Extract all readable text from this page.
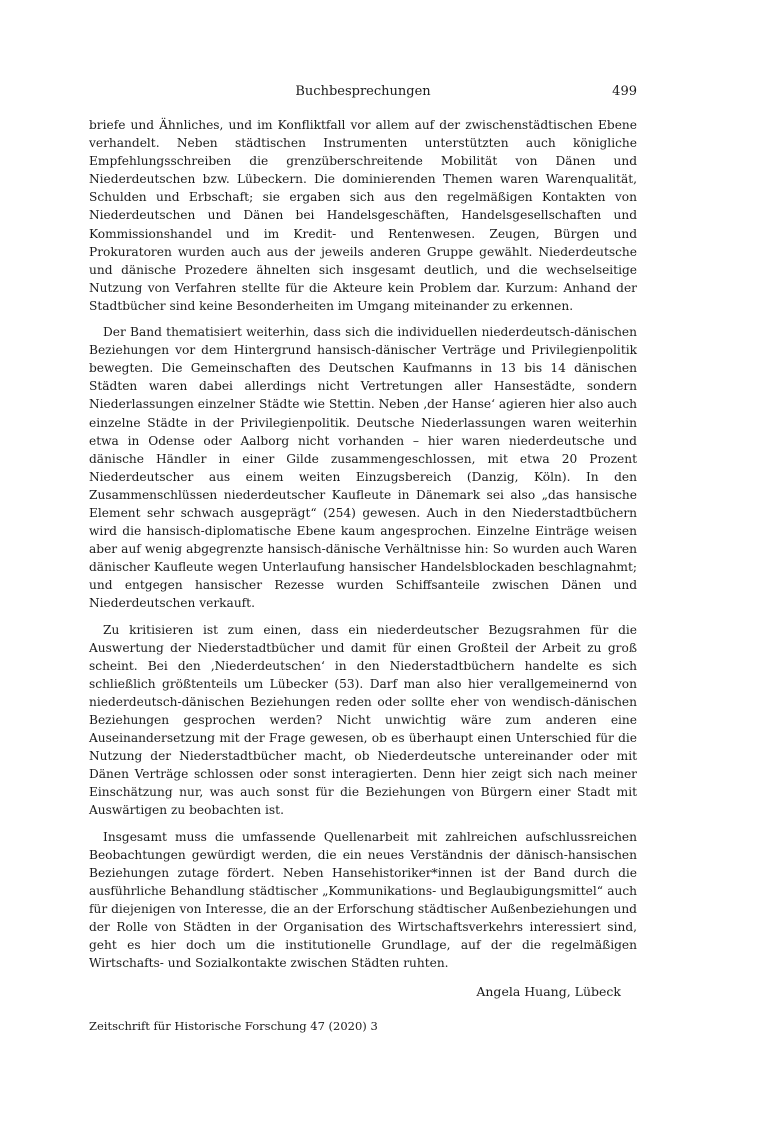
Buchbesprechungen	499

briefe und Ähnliches, und im Konfliktfall vor allem auf der zwischenstädtischen Ebene verhandelt. Neben städtischen Instrumenten unterstützten auch königliche Empfehlungsschreiben die grenzüberschreitende Mobilität von Dänen und Niederdeutschen bzw. Lübeckern. Die dominierenden Themen waren Warenqualität, Schulden und Erbschaft; sie ergaben sich aus den regelmäßigen Kontakten von Niederdeutschen und Dänen bei Handelsgeschäften, Handelsgesellschaften und Kommissionshandel und im Kredit- und Rentenwesen. Zeugen, Bürgen und Prokuratoren wurden auch aus der jeweils anderen Gruppe gewählt. Niederdeutsche und dänische Prozedere ähnelten sich insgesamt deutlich, und die wechselseitige Nutzung von Verfahren stellte für die Akteure kein Problem dar. Kurzum: Anhand der Stadtbücher sind keine Besonderheiten im Umgang miteinander zu erkennen.

Der Band thematisiert weiterhin, dass sich die individuellen niederdeutsch-dänischen Beziehungen vor dem Hintergrund hansisch-dänischer Verträge und Privilegienpolitik bewegten. Die Gemeinschaften des Deutschen Kaufmanns in 13 bis 14 dänischen Städten waren dabei allerdings nicht Vertretungen aller Hansestädte, sondern Niederlassungen einzelner Städte wie Stettin. Neben ‚der Hanse‘ agieren hier also auch einzelne Städte in der Privilegienpolitik. Deutsche Niederlassungen waren weiterhin etwa in Odense oder Aalborg nicht vorhanden – hier waren niederdeutsche und dänische Händler in einer Gilde zusammengeschlossen, mit etwa 20 Prozent Niederdeutscher aus einem weiten Einzugsbereich (Danzig, Köln). In den Zusammenschlüssen niederdeutscher Kaufleute in Dänemark sei also „das hansische Element sehr schwach ausgeprägt“ (254) gewesen. Auch in den Niederstadtbüchern wird die hansisch-diplomatische Ebene kaum angesprochen. Einzelne Einträge weisen aber auf wenig abgegrenzte hansisch-dänische Verhältnisse hin: So wurden auch Waren dänischer Kaufleute wegen Unterlaufung hansischer Handelsblockaden beschlagnahmt; und entgegen hansischer Rezesse wurden Schiffsanteile zwischen Dänen und Niederdeutschen verkauft.

Zu kritisieren ist zum einen, dass ein niederdeutscher Bezugsrahmen für die Auswertung der Niederstadtbücher und damit für einen Großteil der Arbeit zu groß scheint. Bei den ‚Niederdeutschen‘ in den Niederstadtbüchern handelte es sich schließlich größtenteils um Lübecker (53). Darf man also hier verallgemeinernd von niederdeutsch-dänischen Beziehungen reden oder sollte eher von wendisch-dänischen Beziehungen gesprochen werden? Nicht unwichtig wäre zum anderen eine Auseinandersetzung mit der Frage gewesen, ob es überhaupt einen Unterschied für die Nutzung der Niederstadtbücher macht, ob Niederdeutsche untereinander oder mit Dänen Verträge schlossen oder sonst interagierten. Denn hier zeigt sich nach meiner Einschätzung nur, was auch sonst für die Beziehungen von Bürgern einer Stadt mit Auswärtigen zu beobachten ist.

Insgesamt muss die umfassende Quellenarbeit mit zahlreichen aufschlussreichen Beobachtungen gewürdigt werden, die ein neues Verständnis der dänisch-hansischen Beziehungen zutage fördert. Neben Hansehistoriker*innen ist der Band durch die ausführliche Behandlung städtischer „Kommunikations- und Beglaubigungsmittel“ auch für diejenigen von Interesse, die an der Erforschung städtischer Außenbeziehungen und der Rolle von Städten in der Organisation des Wirtschaftsverkehrs interessiert sind, geht es hier doch um die institutionelle Grundlage, auf der die regelmäßigen Wirtschafts- und Sozialkontakte zwischen Städten ruhten.

Angela Huang, Lübeck
Zeitschrift für Historische Forschung 47 (2020) 3
